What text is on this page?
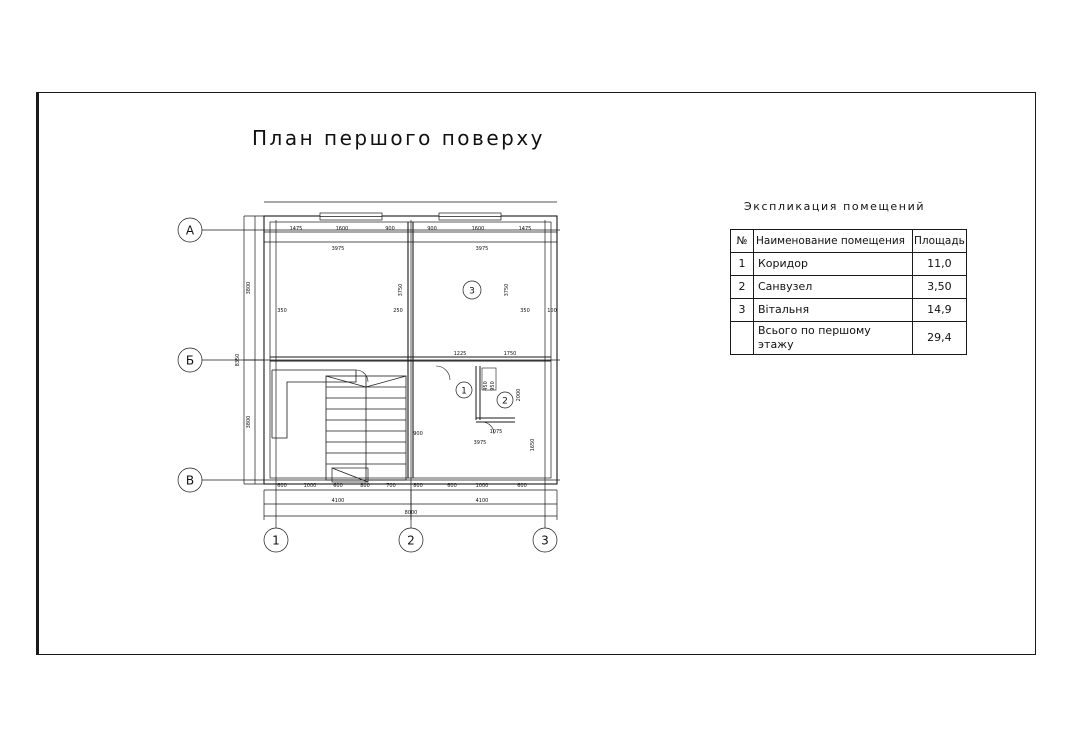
План першого поверху
Экспликация помещений
№	Наименование помещения	Площадь
1	Коридор	11,0
2	Санвузел	3,50
3	Вітальня	14,9
	Всього по першому этажу	29,4
А
Б
В
1	2	3
1
2
3
1475	1600	900	900	1600	1475
3975	3975
3800
3800
8350
350	250	350	100
3750	3750
1225	1750
450 950
2000
1650
900	1075
3975
600	1000	600	800	700	800	600	1000	600
4100	4100
8000
